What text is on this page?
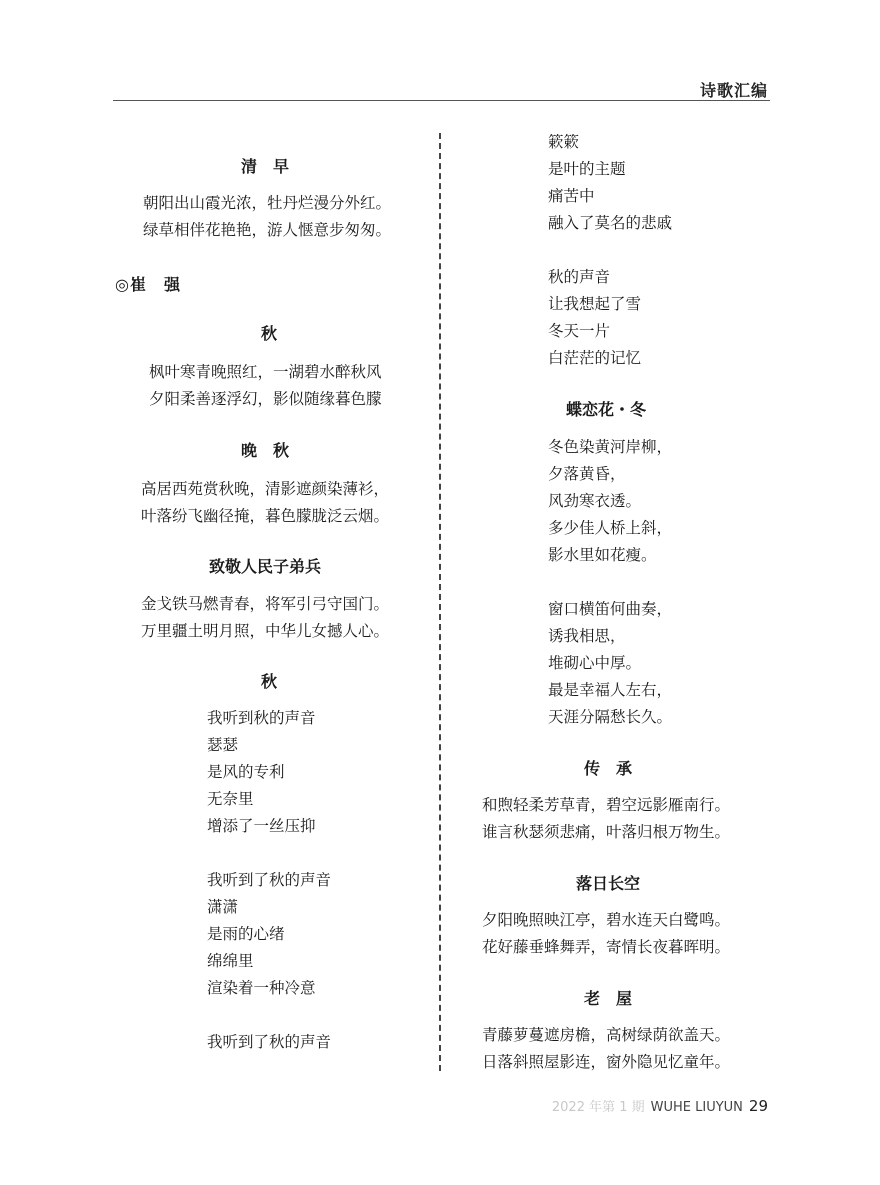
诗歌汇编
清　早
朝阳出山霞光浓，牡丹烂漫分外红。
绿草相伴花艳艳，游人惬意步匆匆。
◎崔　强
秋
枫叶寒青晚照红，一湖碧水醉秋风
夕阳柔善逐浮幻，影似随缘暮色朦
晚　秋
高居西苑赏秋晚，清影遮颜染薄衫，
叶落纷飞幽径掩，暮色朦胧泛云烟。
致敬人民子弟兵
金戈铁马燃青春，将军引弓守国门。
万里疆土明月照，中华儿女撼人心。
秋
我听到秋的声音
瑟瑟
是风的专利
无奈里
增添了一丝压抑
我听到了秋的声音
潇潇
是雨的心绪
绵绵里
渲染着一种冷意
我听到了秋的声音
簌簌
是叶的主题
痛苦中
融入了莫名的悲戚
秋的声音
让我想起了雪
冬天一片
白茫茫的记忆
蝶恋花・冬
冬色染黄河岸柳，
夕落黄昏，
风劲寒衣透。
多少佳人桥上斜，
影水里如花瘦。
窗口横笛何曲奏，
诱我相思，
堆砌心中厚。
最是幸福人左右，
天涯分隔愁长久。
传　承
和煦轻柔芳草青，碧空远影雁南行。
谁言秋瑟须悲痛，叶落归根万物生。
落日长空
夕阳晚照映江亭，碧水连天白鹭鸣。
花好藤垂蜂舞弄，寄情长夜暮晖明。
老　屋
青藤萝蔓遮房檐，高树绿荫欲盖天。
日落斜照屋影连，窗外隐见忆童年。
2022 年第 1 期 WUHE LIUYUN 29
